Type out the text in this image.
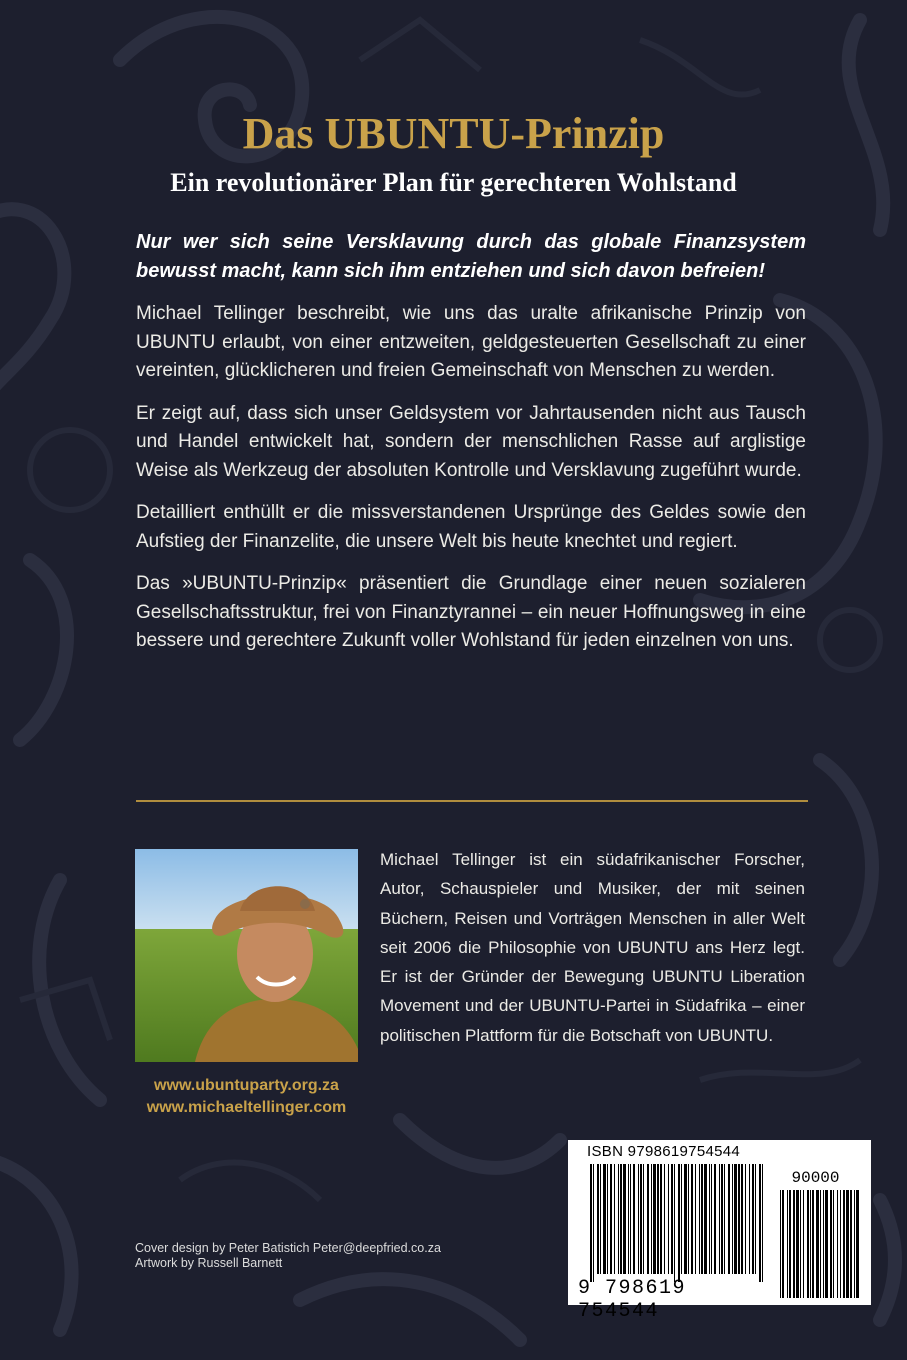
Das UBUNTU-Prinzip
Ein revolutionärer Plan für gerechteren Wohlstand

Nur wer sich seine Versklavung durch das globale Finanzsystem bewusst macht, kann sich ihm entziehen und sich davon befreien!

Michael Tellinger beschreibt, wie uns das uralte afrikanische Prinzip von UBUNTU erlaubt, von einer entzweiten, geldgesteuerten Gesellschaft zu einer vereinten, glücklicheren und freien Gemeinschaft von Menschen zu werden.

Er zeigt auf, dass sich unser Geldsystem vor Jahrtausenden nicht aus Tausch und Handel entwickelt hat, sondern der menschlichen Rasse auf arglistige Weise als Werkzeug der absoluten Kontrolle und Versklavung zugeführt wurde.

Detailliert enthüllt er die missverstandenen Ursprünge des Geldes sowie den Aufstieg der Finanzelite, die unsere Welt bis heute knechtet und regiert.

Das »UBUNTU-Prinzip« präsentiert die Grundlage einer neuen sozialeren Gesellschaftsstruktur, frei von Finanztyrannei – ein neuer Hoffnungsweg in eine bessere und gerechtere Zukunft voller Wohlstand für jeden einzelnen von uns.

Michael Tellinger ist ein südafrikanischer Forscher, Autor, Schauspieler und Musiker, der mit seinen Büchern, Reisen und Vorträgen Menschen in aller Welt seit 2006 die Philosophie von UBUNTU ans Herz legt. Er ist der Gründer der Bewegung UBUNTU Liberation Movement und der UBUNTU-Partei in Südafrika – einer politischen Plattform für die Botschaft von UBUNTU.

www.ubuntuparty.org.za
www.michaeltellinger.com
ISBN 9798619754544
90000
9 798619 754544
Cover design by Peter Batistich Peter@deepfried.co.za
Artwork by Russell Barnett
